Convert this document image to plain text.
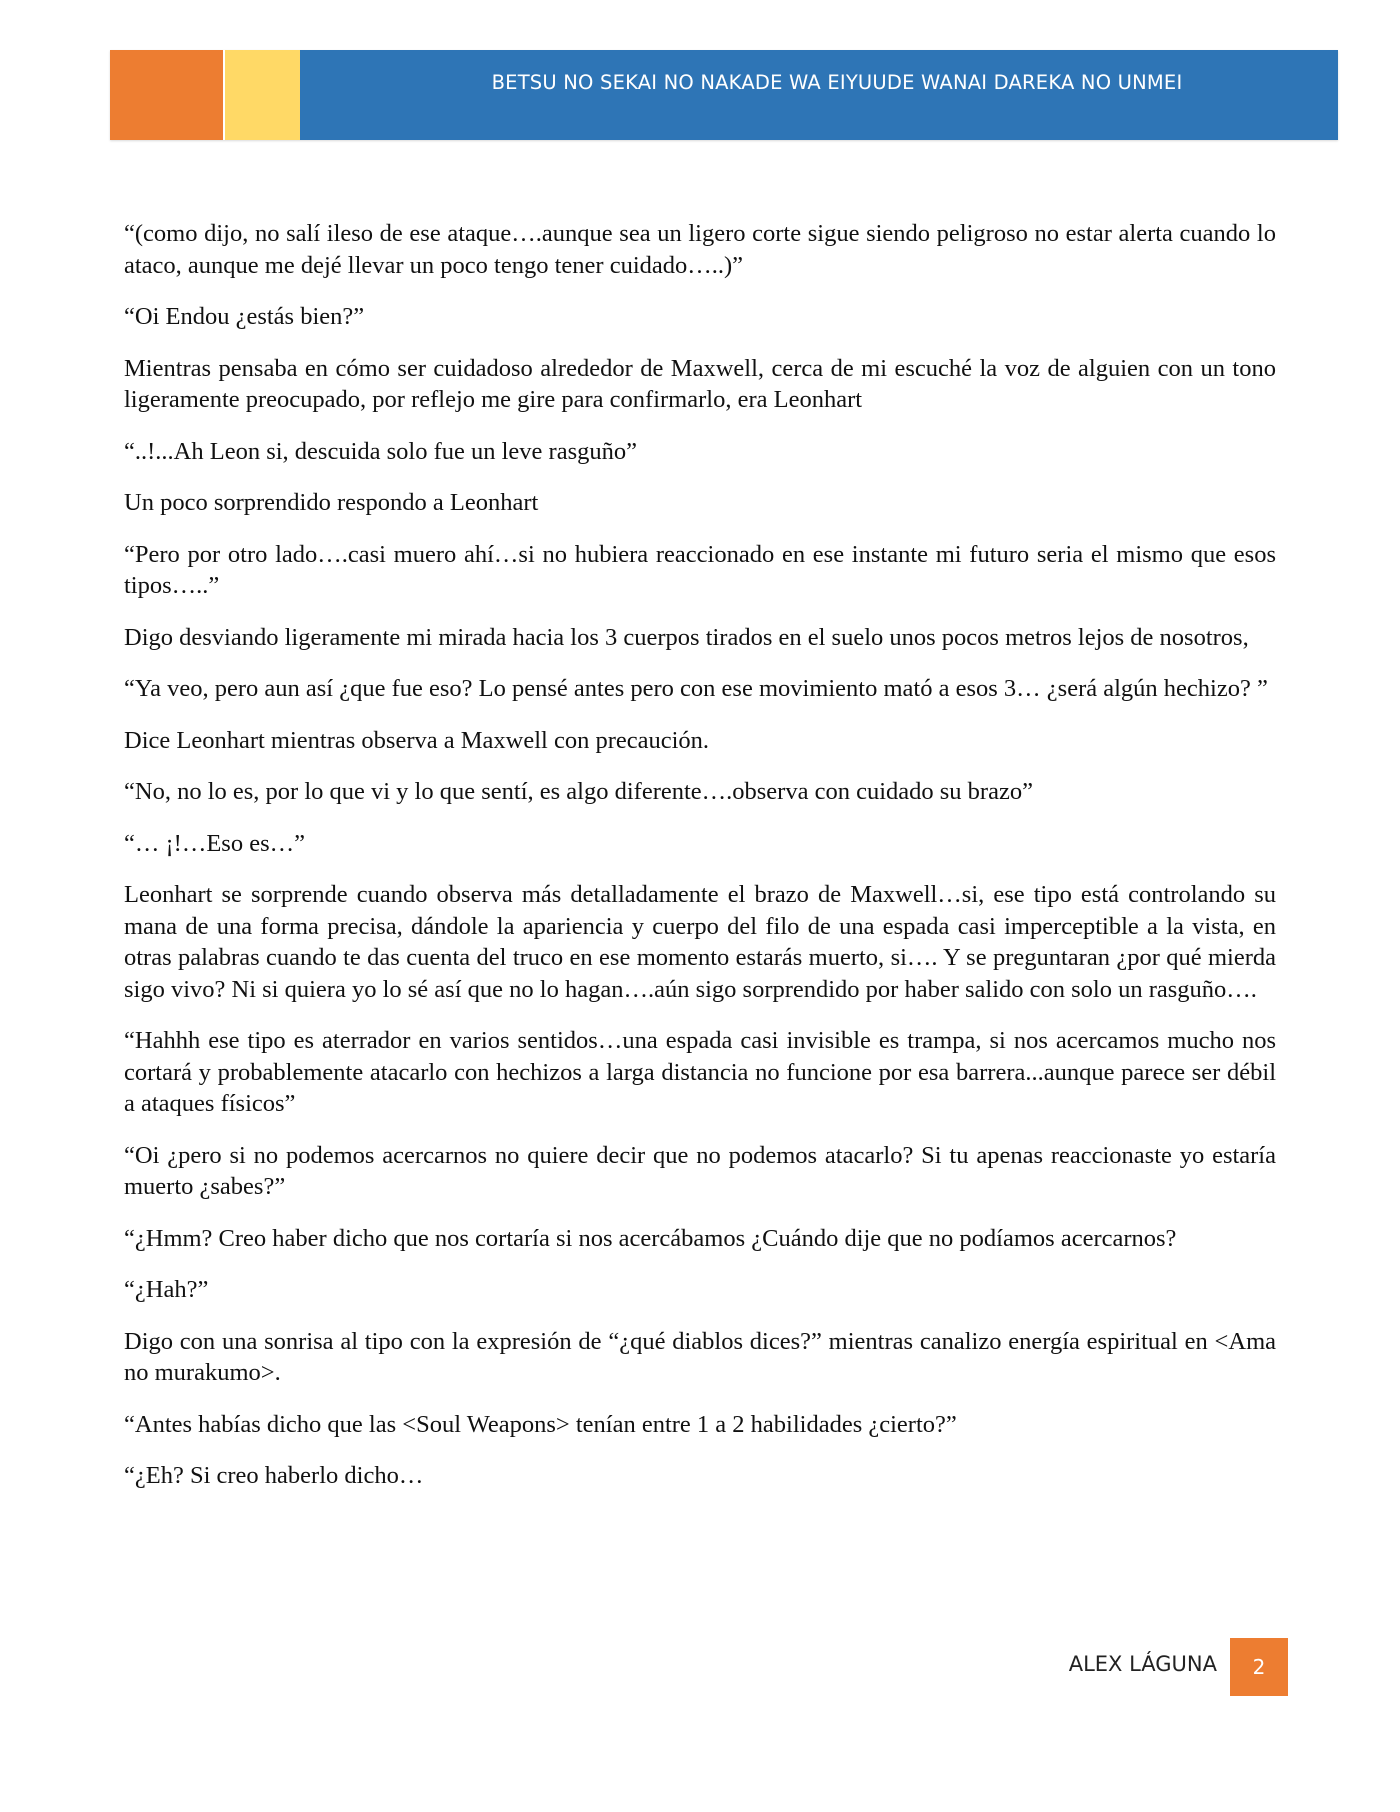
BETSU NO SEKAI NO NAKADE WA EIYUUDE WANAI DAREKA NO UNMEI

“(como dijo, no salí ileso de ese ataque….aunque sea un ligero corte sigue siendo peligroso no estar alerta cuando lo ataco, aunque me dejé llevar un poco tengo tener cuidado…..)”

“Oi Endou ¿estás bien?”

Mientras pensaba en cómo ser cuidadoso alrededor de Maxwell, cerca de mi escuché la voz de alguien con un tono ligeramente preocupado, por reflejo me gire para confirmarlo, era Leonhart

“..!...Ah Leon si, descuida solo fue un leve rasguño”

Un poco sorprendido respondo a Leonhart

“Pero por otro lado….casi muero ahí…si no hubiera reaccionado en ese instante mi futuro seria el mismo que esos tipos…..”

Digo desviando ligeramente mi mirada hacia los 3 cuerpos tirados en el suelo unos pocos metros lejos de nosotros,

“Ya veo, pero aun así ¿que fue eso? Lo pensé antes pero con ese movimiento mató a esos 3… ¿será algún hechizo? ”

Dice Leonhart mientras observa a Maxwell con precaución.

“No, no lo es, por lo que vi y lo que sentí, es algo diferente….observa con cuidado su brazo”

“… ¡!…Eso es…”

Leonhart se sorprende cuando observa más detalladamente el brazo de Maxwell…si, ese tipo está controlando su mana de una forma precisa, dándole la apariencia y cuerpo del filo de una espada casi imperceptible a la vista, en otras palabras cuando te das cuenta del truco en ese momento estarás muerto, si…. Y se preguntaran ¿por qué mierda sigo vivo? Ni si quiera yo lo sé así que no lo hagan….aún sigo sorprendido por haber salido con solo un rasguño….

“Hahhh ese tipo es aterrador en varios sentidos…una espada casi invisible es trampa, si nos acercamos mucho nos cortará y probablemente atacarlo con hechizos a larga distancia no funcione por esa barrera...aunque parece ser débil a ataques físicos”

“Oi ¿pero si no podemos acercarnos no quiere decir que no podemos atacarlo? Si tu apenas reaccionaste yo estaría muerto ¿sabes?”

“¿Hmm? Creo haber dicho que nos cortaría si nos acercábamos ¿Cuándo dije que no podíamos acercarnos?

“¿Hah?”

Digo con una sonrisa al tipo con la expresión de “¿qué diablos dices?” mientras canalizo energía espiritual en <Ama no murakumo>.

“Antes habías dicho que las <Soul Weapons> tenían entre 1 a 2 habilidades ¿cierto?”

“¿Eh? Si creo haberlo dicho…

ALEX LÁGUNA	2
